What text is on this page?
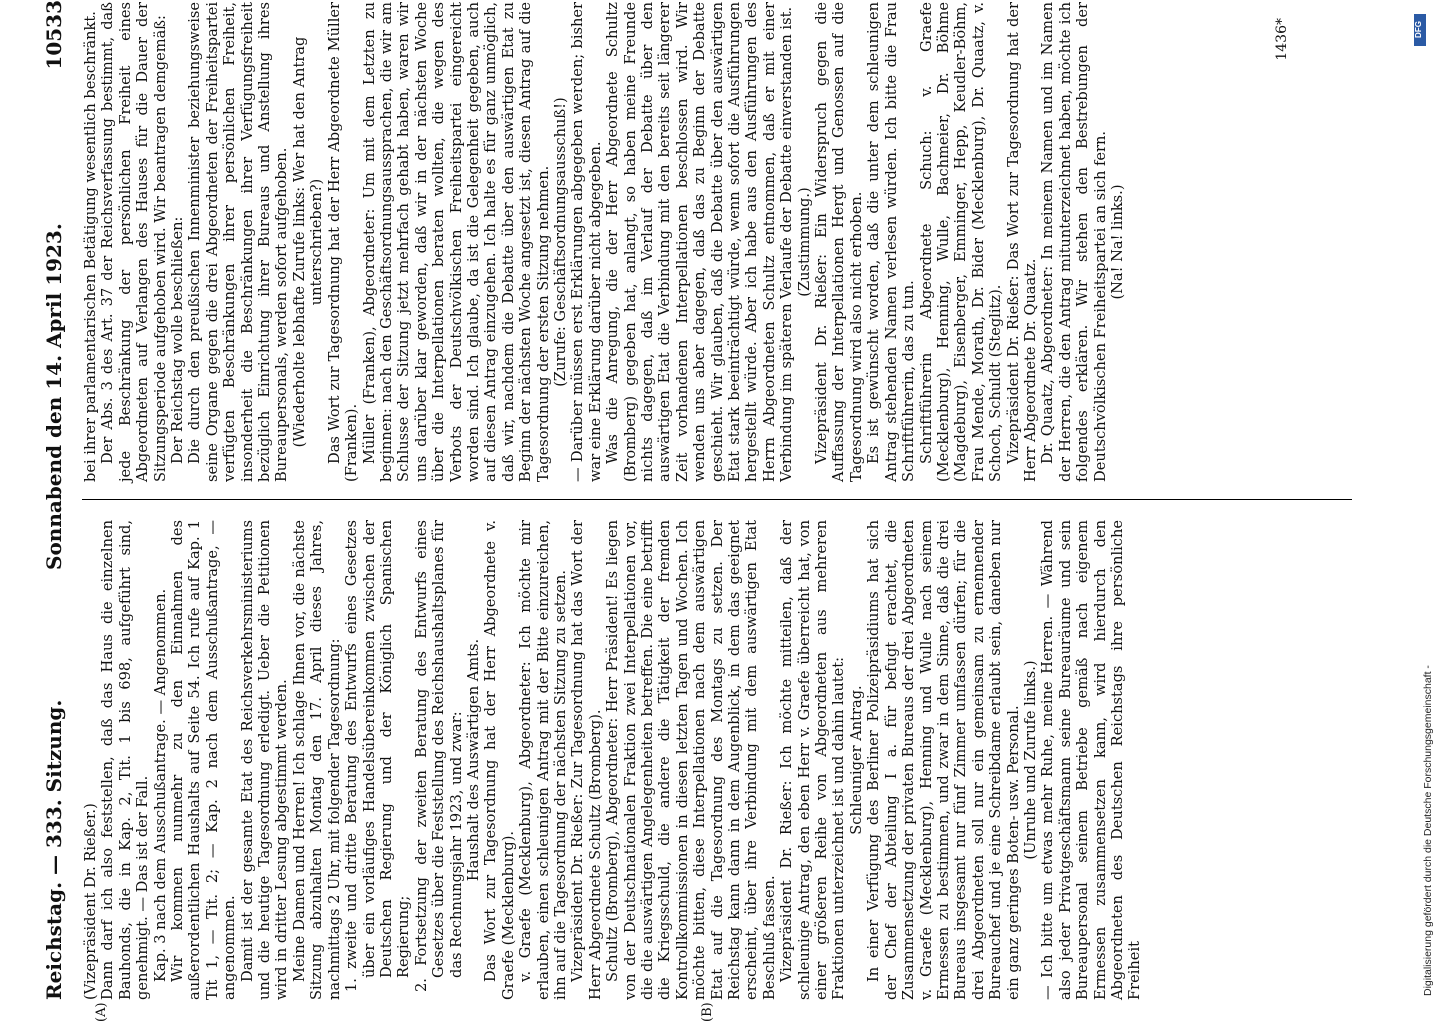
Reichstag. — 333. Sitzung.
Sonnabend den 14. April 1923.
10533
(A)	(B)

(Vizepräsident Dr. Rießer.) Dann darf ich also feststellen, daß das Haus die einzelnen Bauhonds, die in Kap. 2, Tit. 1 bis 698, aufgeführt sind, genehmigt. — Das ist der Fall. Kap. 3 nach dem Ausschußantrage. — Angenommen. Wir kommen nunmehr zu den Einnahmen des außerordentlichen Haushalts auf Seite 54. Ich rufe auf Kap. 1 Tit 1, — Tit. 2; — Kap. 2 nach dem Ausschußantrage, — angenommen. Damit ist der gesamte Etat des Reichsverkehrsministeriums und die heutige Tagesordnung erledigt. Ueber die Petitionen wird in dritter Lesung abgestimmt werden. Meine Damen und Herren! Ich schlage Ihnen vor, die nächste Sitzung abzuhalten Montag den 17. April dieses Jahres, nachmittags 2 Uhr, mit folgender Tagesordnung: 1. zweite und dritte Beratung des Entwurfs eines Gesetzes über ein vorläufiges Handelsübereinkommen zwischen der Deutschen Regierung und der Königlich Spanischen Regierung; 2. Fortsetzung der zweiten Beratung des Entwurfs eines Gesetzes über die Feststellung des Reichshaushaltsplanes für das Rechnungsjahr 1923, und zwar: Haushalt des Auswärtigen Amts. Das Wort zur Tagesordnung hat der Herr Abgeordnete v. Graefe (Mecklenburg). v. Graefe (Mecklenburg), Abgeordneter: Ich möchte mir erlauben, einen schleunigen Antrag mit der Bitte einzureichen, ihn auf die Tagesordnung der nächsten Sitzung zu setzen. Vizepräsident Dr. Rießer: Zur Tagesordnung hat das Wort der Herr Abgeordnete Schultz (Bromberg). Schultz (Bromberg), Abgeordneter: Herr Präsident! Es liegen von der Deutschnationalen Fraktion zwei Interpellationen vor, die die auswärtigen Angelegenheiten betreffen. Die eine betrifft die Kriegsschuld, die andere die Tätigkeit der fremden Kontrollkommissionen in diesen letzten Tagen und Wochen. Ich möchte bitten, diese Interpellationen nach dem auswärtigen Etat auf die Tagesordnung des Montags zu setzen. Der Reichstag kann dann in dem Augenblick, in dem das geeignet erscheint, über ihre Verbindung mit dem auswärtigen Etat Beschluß fassen. Vizepräsident Dr. Rießer: Ich möchte mitteilen, daß der schleunige Antrag, den eben Herr v. Graefe überreicht hat, von einer größeren Reihe von Abgeordneten aus mehreren Fraktionen unterzeichnet ist und dahin lautet: Schleuniger Antrag. In einer Verfügung des Berliner Polizeipräsidiums hat sich der Chef der Abteilung I a. für befugt erachtet, die Zusammensetzung der privaten Bureaus der drei Abgeordneten v. Graefe (Mecklenburg), Henning und Wulle nach seinem Ermessen zu bestimmen, und zwar in dem Sinne, daß die drei Bureaus insgesamt nur fünf Zimmer umfassen dürfen; für die drei Abgeordneten soll nur ein gemeinsam zu ernennender Bureauchef und je eine Schreibdame erlaubt sein, daneben nur ein ganz geringes Boten- usw. Personal. (Unruhe und Zurufe links.) — Ich bitte um etwas mehr Ruhe, meine Herren. — Während also jeder Privatgeschäftsmann seine Bureauräume und sein Bureaupersonal seinem Betriebe gemäß nach eigenem Ermessen zusammensetzen kann, wird hierdurch den Abgeordneten des Deutschen Reichstags ihre persönliche Freiheit

bei ihrer parlamentarischen Betätigung wesentlich beschränkt. Der Abs. 3 des Art. 37 der Reichsverfassung bestimmt, daß jede Beschränkung der persönlichen Freiheit eines Abgeordneten auf Verlangen des Hauses für die Dauer der Sitzungsperiode aufgehoben wird. Wir beantragen demgemäß: Der Reichstag wolle beschließen: Die durch den preußischen Innenminister beziehungsweise seine Organe gegen die drei Abgeordneten der Freiheitspartei verfügten Beschränkungen ihrer persönlichen Freiheit, insonderheit die Beschränkungen ihrer Verfügungsfreiheit bezüglich Einrichtung ihrer Bureaus und Anstellung ihres Bureaupersonals, werden sofort aufgehoben. (Wiederholte lebhafte Zurufe links: Wer hat den Antrag unterschrieben?) Das Wort zur Tagesordnung hat der Herr Abgeordnete Müller (Franken). Müller (Franken), Abgeordneter: Um mit dem Letzten zu beginnen: nach den Geschäftsordnungsaussprachen, die wir am Schlusse der Sitzung jetzt mehrfach gehabt haben, waren wir uns darüber klar geworden, daß wir in der nächsten Woche über die Interpellationen beraten wollten, die wegen des Verbots der Deutschvölkischen Freiheitspartei eingereicht worden sind. Ich glaube, da ist die Gelegenheit gegeben, auch auf diesen Antrag einzugehen. Ich halte es für ganz unmöglich, daß wir, nachdem die Debatte über den auswärtigen Etat zu Beginn der nächsten Woche angesetzt ist, diesen Antrag auf die Tagesordnung der ersten Sitzung nehmen. (Zurufe: Geschäftsordnungsausschuß!) — Darüber müssen erst Erklärungen abgegeben werden; bisher war eine Erklärung darüber nicht abgegeben. Was die Anregung, die der Herr Abgeordnete Schultz (Bromberg) gegeben hat, anlangt, so haben meine Freunde nichts dagegen, daß im Verlauf der Debatte über den auswärtigen Etat die Verbindung mit den bereits seit längerer Zeit vorhandenen Interpellationen beschlossen wird. Wir wenden uns aber dagegen, daß das zu Beginn der Debatte geschieht. Wir glauben, daß die Debatte über den auswärtigen Etat stark beeinträchtigt würde, wenn sofort die Ausführungen hergestellt würde. Aber ich habe aus den Ausführungen des Herrn Abgeordneten Schultz entnommen, daß er mit einer Verbindung im späteren Verlaufe der Debatte einverstanden ist. (Zustimmung.) Vizepräsident Dr. Rießer: Ein Widerspruch gegen die Auffassung der Interpellationen Hergt und Genossen auf die Tagesordnung wird also nicht erhoben. Es ist gewünscht worden, daß die unter dem schleunigen Antrag stehenden Namen verlesen würden. Ich bitte die Frau Schriftführerin, das zu tun. Schriftführerin Abgeordnete Schuch: v. Graefe (Mecklenburg), Henning, Wulle, Bachmeier, Dr. Böhme (Magdeburg), Eisenberger, Emminger, Hepp, Keudler-Böhm, Frau Mende, Morath, Dr. Bider (Mecklenburg), Dr. Quaatz, v. Schoch, Schuldt (Steglitz). Vizepräsident Dr. Rießer: Das Wort zur Tagesordnung hat der Herr Abgeordnete Dr. Quaatz. Dr. Quaatz, Abgeordneter: In meinem Namen und im Namen der Herren, die den Antrag mitunterzeichnet haben, möchte ich folgendes erklären. Wir stehen den Bestrebungen der Deutschvölkischen Freiheitspartei an sich fern. (Na! Na! links.)

1436*	DFG
Digitalisierung gefördert durch die Deutsche Forschungsgemeinschaft -
